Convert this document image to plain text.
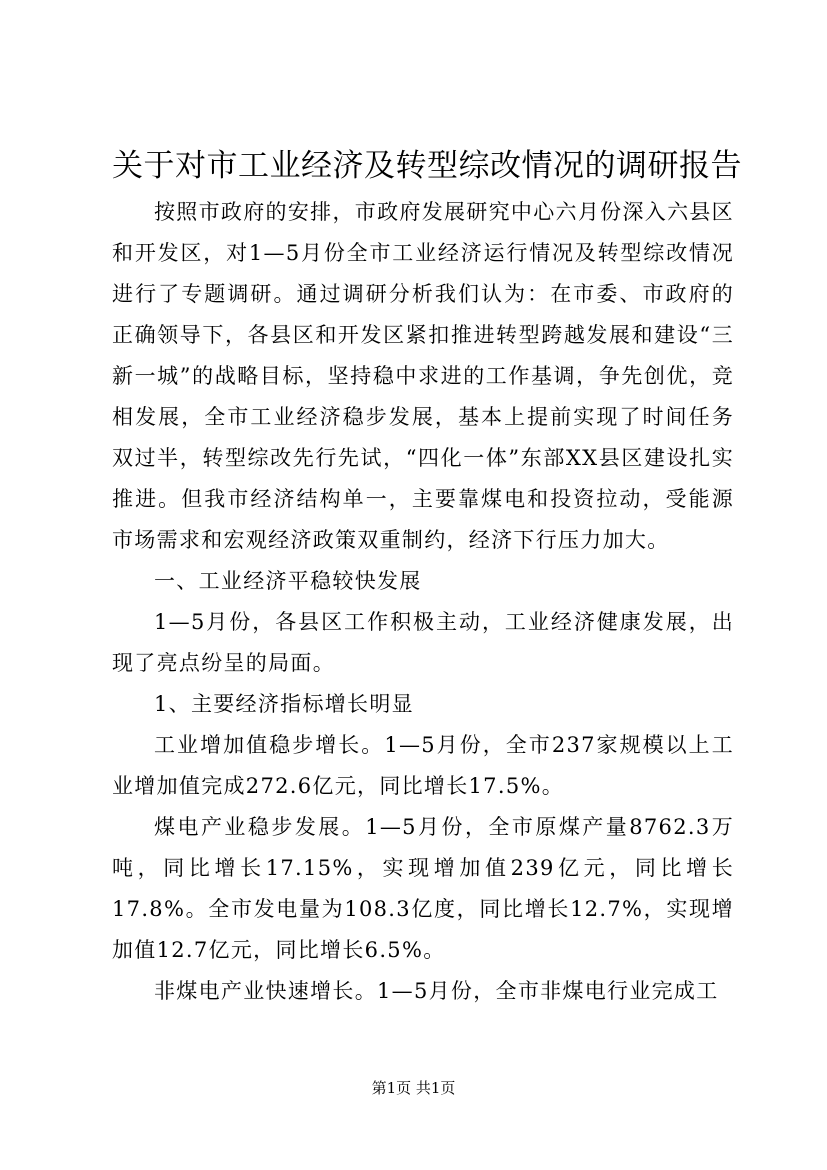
关于对市工业经济及转型综改情况的调研报告

按照市政府的安排，市政府发展研究中心六月份深入六县区和开发区，对1—5月份全市工业经济运行情况及转型综改情况进行了专题调研。通过调研分析我们认为：在市委、市政府的正确领导下，各县区和开发区紧扣推进转型跨越发展和建设“三新一城”的战略目标，坚持稳中求进的工作基调，争先创优，竞相发展，全市工业经济稳步发展，基本上提前实现了时间任务双过半，转型综改先行先试，“四化一体”东部XX县区建设扎实推进。但我市经济结构单一，主要靠煤电和投资拉动，受能源市场需求和宏观经济政策双重制约，经济下行压力加大。

一、工业经济平稳较快发展

1—5月份，各县区工作积极主动，工业经济健康发展，出现了亮点纷呈的局面。

1、主要经济指标增长明显

工业增加值稳步增长。1—5月份，全市237家规模以上工业增加值完成272.6亿元，同比增长17.5%。

煤电产业稳步发展。1—5月份，全市原煤产量8762.3万吨，同比增长17.15%，实现增加值239亿元，同比增长17.8%。全市发电量为108.3亿度，同比增长12.7%，实现增加值12.7亿元，同比增长6.5%。

非煤电产业快速增长。1—5月份，全市非煤电行业完成工

第1页 共1页
